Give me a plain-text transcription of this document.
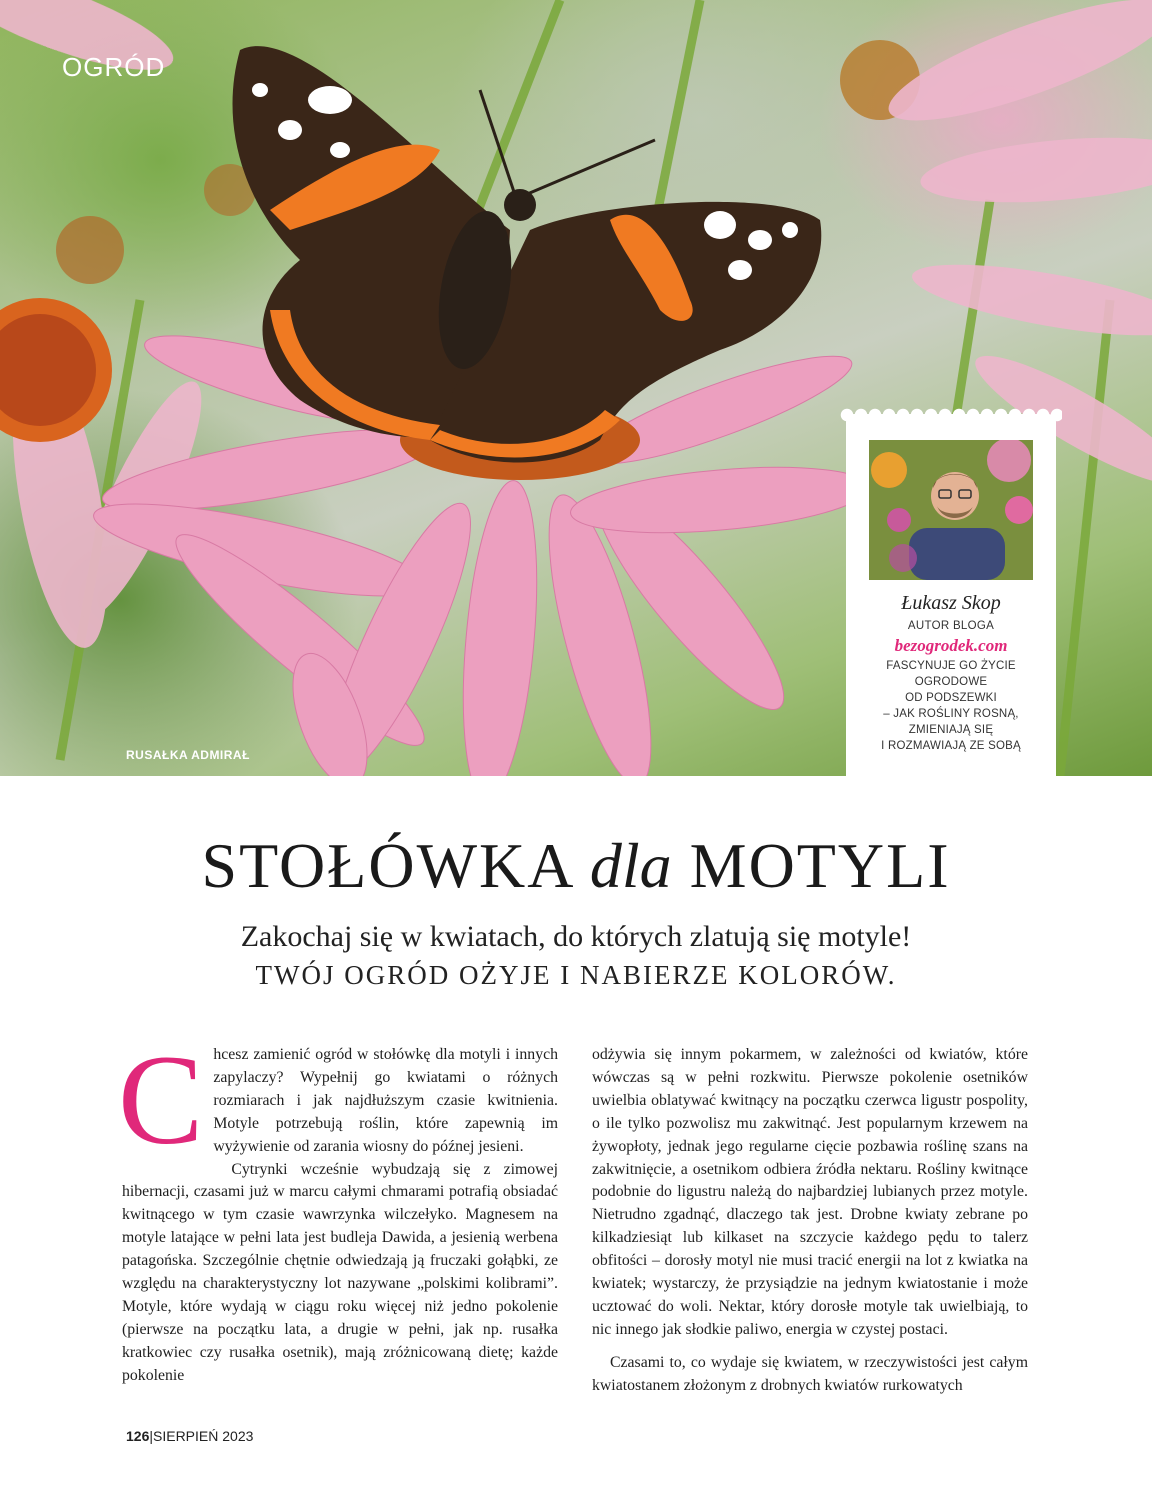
OGRÓD
RUSAŁKA ADMIRAŁ
Łukasz Skop
AUTOR BLOGA
bezogrodek.com
FASCYNUJE GO ŻYCIE
OGRODOWE
OD PODSZEWKI
– JAK ROŚLINY ROSNĄ,
ZMIENIAJĄ SIĘ
I ROZMAWIAJĄ ZE SOBĄ
STOŁÓWKA dla MOTYLI
Zakochaj się w kwiatach, do których zlatują się motyle!
TWÓJ OGRÓD OŻYJE I NABIERZE KOLORÓW.

Chcesz zamienić ogród w stołówkę dla motyli i innych zapylaczy? Wypełnij go kwiatami o różnych rozmiarach i jak najdłuższym czasie kwitnienia. Motyle potrzebują roślin, które zapewnią im wyżywienie od zarania wiosny do późnej jesieni.

Cytrynki wcześnie wybudzają się z zimowej hibernacji, czasami już w marcu całymi chmarami potrafią obsiadać kwitnącego w tym czasie wawrzynka wilczełyko. Magnesem na motyle latające w pełni lata jest budleja Dawida, a jesienią werbena patagońska. Szczególnie chętnie odwiedzają ją fruczaki gołąbki, ze względu na charakterystyczny lot nazywane „polskimi kolibrami”. Motyle, które wydają w ciągu roku więcej niż jedno pokolenie (pierwsze na początku lata, a drugie w pełni, jak np. rusałka kratkowiec czy rusałka osetnik), mają zróżnicowaną dietę; każde pokolenie

odżywia się innym pokarmem, w zależności od kwiatów, które wówczas są w pełni rozkwitu. Pierwsze pokolenie osetników uwielbia oblatywać kwitnący na początku czerwca ligustr pospolity, o ile tylko pozwolisz mu zakwitnąć. Jest popularnym krzewem na żywopłoty, jednak jego regularne cięcie pozbawia roślinę szans na zakwitnięcie, a osetnikom odbiera źródła nektaru. Rośliny kwitnące podobnie do ligustru należą do najbardziej lubianych przez motyle. Nietrudno zgadnąć, dlaczego tak jest. Drobne kwiaty zebrane po kilkadziesiąt lub kilkaset na szczycie każdego pędu to talerz obfitości – dorosły motyl nie musi tracić energii na lot z kwiatka na kwiatek; wystarczy, że przysiądzie na jednym kwiatostanie i może ucztować do woli. Nektar, który dorosłe motyle tak uwielbiają, to nic innego jak słodkie paliwo, energia w czystej postaci.

Czasami to, co wydaje się kwiatem, w rzeczywistości jest całym kwiatostanem złożonym z drobnych kwiatów rurkowatych

126|SIERPIEŃ 2023
